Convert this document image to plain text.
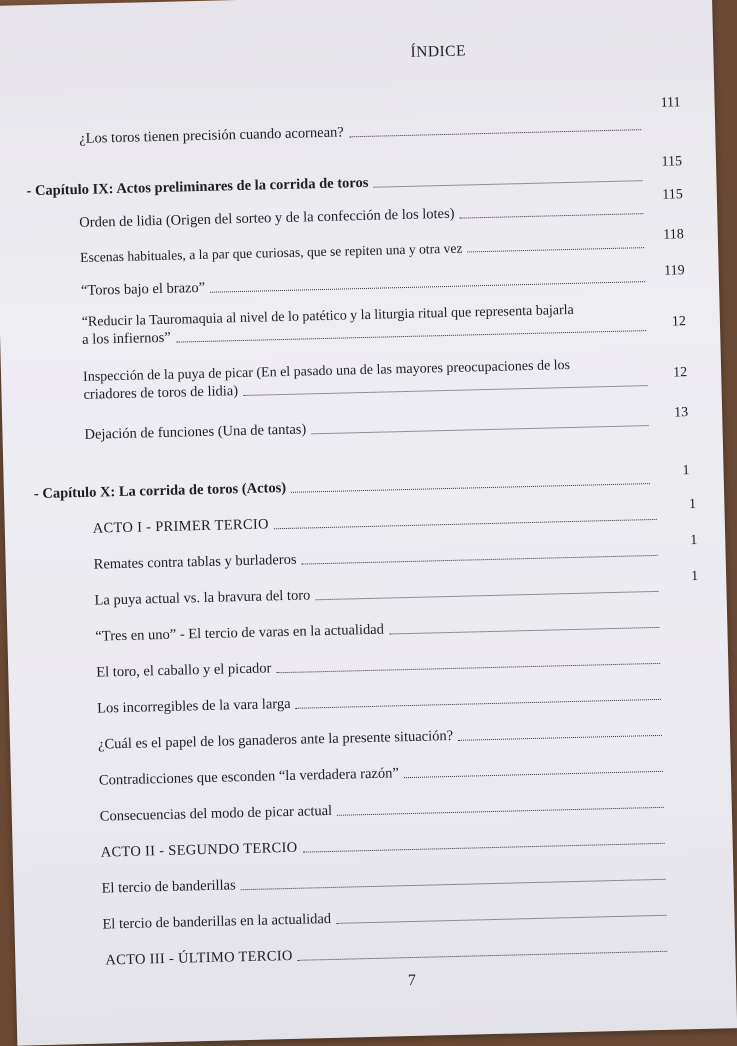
ÍNDICE
¿Los toros tienen precisión cuando acornean?
111
- Capítulo IX: Actos preliminares de la corrida de toros
115
Orden de lidia (Origen del sorteo y de la confección de los lotes)
115
Escenas habituales, a la par que curiosas, que se repiten una y otra vez
118
“Toros bajo el brazo”
119
“Reducir la Tauromaquia al nivel de lo patético y la liturgia ritual que representa bajarla
a los infiernos”
12
Inspección de la puya de picar (En el pasado una de las mayores preocupaciones de los
criadores de toros de lidia)
12
Dejación de funciones (Una de tantas)
13
- Capítulo X: La corrida de toros (Actos)
1
ACTO I - PRIMER TERCIO
1
Remates contra tablas y burladeros
1
La puya actual vs. la bravura del toro
1
“Tres en uno” - El tercio de varas en la actualidad
El toro, el caballo y el picador
Los incorregibles de la vara larga
¿Cuál es el papel de los ganaderos ante la presente situación?
Contradicciones que esconden “la verdadera razón”
Consecuencias del modo de picar actual
ACTO II - SEGUNDO TERCIO
El tercio de banderillas
El tercio de banderillas en la actualidad
ACTO III - ÚLTIMO TERCIO
7
